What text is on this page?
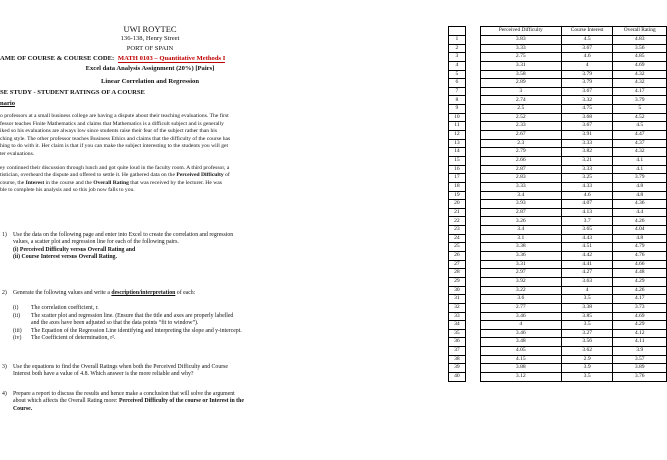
UWI ROYTEC
136-138, Henry Street
PORT OF SPAIN
AME OF COURSE & COURSE CODE: MATH 0103 – Quantitative Methods I
Excel data Analysis Assignment (20%) [Pairs]
Linear Correlation and Regression
SE STUDY - STUDENT RATINGS OF A COURSE
nario
o professors at a small business college are having a dispute about their teaching evaluations. The first
fessor teaches Finite Mathematics and claims that Mathematics is a difficult subject and is generally
iked so his evaluations are always low since students raise their fear of the subject rather than his
ching style. The other professor teaches Business Ethics and claims that the difficulty of the course has
hing to do with it. Her claim is that if you can make the subject interesting to the students you will get
ter evaluations.
ey continued their discussion through lunch and got quite loud in the faculty room. A third professor, a
tistician, overheard the dispute and offered to settle it. He gathered data on the Perceived Difficulty of
course, the Interest in the course and the Overall Rating that was received by the lecturer. He was
ble to complete his analysis and so this job now falls to you.
1) Use the data on the following page and enter into Excel to create the correlation and regression
values, a scatter plot and regression line for each of the following pairs.
(i) Perceived Difficulty versus Overall Rating and
(ii) Course Interest versus Overall Rating.
2) Generate the following values and write a description/interpretation of each:
(i)	The correlation coefficient, r.
(ii)	The scatter plot and regression line. (Ensure that the title and axes are properly labelled
and the axes have been adjusted so that the data points “fit to window”).
(iii)	The Equation of the Regression Line identifying and interpreting the slope and y-intercept.
(iv)	The Coefficient of determination, r².
3) Use the equations to find the Overall Ratings when both the Perceived Difficulty and Course
Interest both have a value of 4.8. Which answer is the more reliable and why?
4) Prepare a report to discuss the results and hence make a conclusion that will solve the argument
about which affects the Overall Rating more: Perceived Difficulty of the course or Interest in the
Course.
		Perceived Difficulty	Course Interest	Overall Rating
1		3.83	4.5	4.83
2		3.33	3.67	3.56
3		2.75	4.6	4.85
4		3.31	4	4.69
5		3.58	3.79	4.32
6		2.89	3.79	4.32
7		3	3.67	4.17
8		2.74	3.32	3.79
9		2.5	4.75	5
10		2.52	3.68	4.52
11		2.33	3.67	4.5
12		2.67	3.91	4.47
13		2.3	3.33	4.37
14		2.79	3.82	4.32
15		2.66	3.21	4.1
16		2.87	3.33	4.1
17		2.83	3.25	3.79
18		3.33	4.33	4.8
19		3.4	4.6	4.8
20		3.93	4.07	4.36
21		2.87	4.13	4.4
22		3.26	3.7	4.26
23		3.4	3.65	4.04
24		3.1	4.43	4.8
25		3.38	4.51	4.79
26		3.36	4.42	4.76
27		3.31	4.41	4.66
28		2.97	4.27	4.48
29		3.92	3.63	4.29
30		3.22	4	4.26
31		3.6	3.5	4.17
32		2.77	3.38	3.73
33		3.46	3.85	4.69
34		4	3.5	4.29
35		3.46	3.27	4.12
36		3.48	3.56	4.11
37		4.05	3.62	3.9
38		4.15	2.9	3.57
39		3.88	3.9	3.89
40		3.12	3.5	3.76
